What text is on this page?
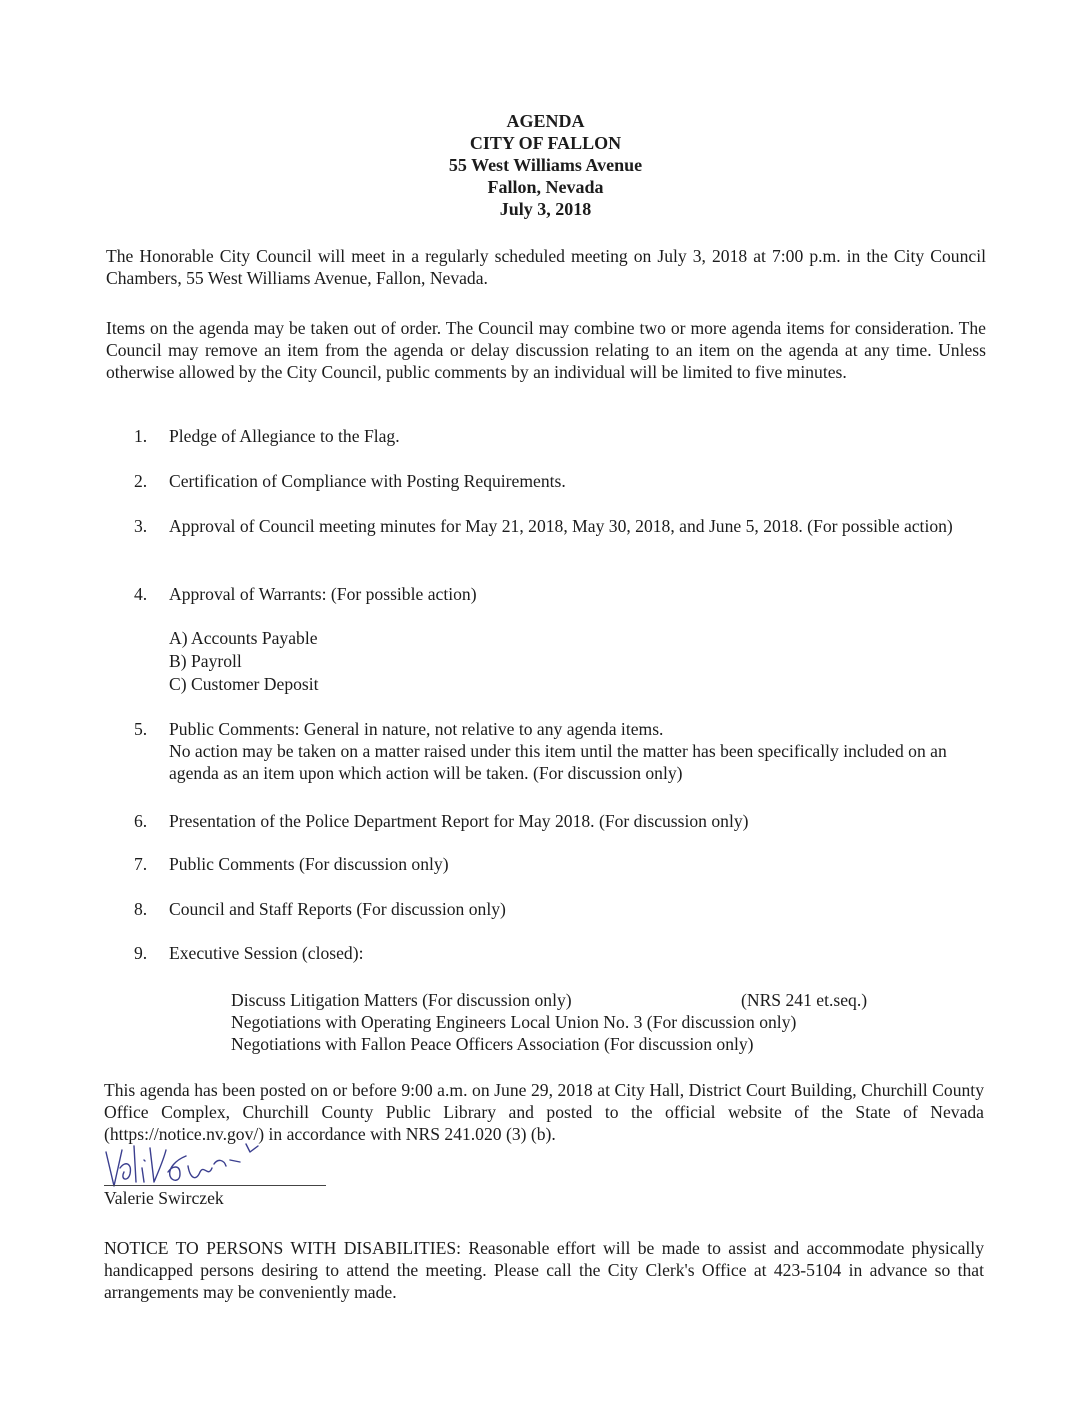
AGENDA
CITY OF FALLON
55 West Williams Avenue
Fallon, Nevada
July 3, 2018
The Honorable City Council will meet in a regularly scheduled meeting on July 3, 2018 at 7:00 p.m. in the City Council Chambers, 55 West Williams Avenue, Fallon, Nevada.
Items on the agenda may be taken out of order. The Council may combine two or more agenda items for consideration. The Council may remove an item from the agenda or delay discussion relating to an item on the agenda at any time. Unless otherwise allowed by the City Council, public comments by an individual will be limited to five minutes.
1.	Pledge of Allegiance to the Flag.
2.	Certification of Compliance with Posting Requirements.
3.	Approval of Council meeting minutes for May 21, 2018, May 30, 2018, and June 5, 2018. (For possible action)
4.	Approval of Warrants: (For possible action)
A) Accounts Payable
B) Payroll
C) Customer Deposit
5.	Public Comments: General in nature, not relative to any agenda items.
No action may be taken on a matter raised under this item until the matter has been specifically included on an agenda as an item upon which action will be taken. (For discussion only)
6.	Presentation of the Police Department Report for May 2018. (For discussion only)
7.	Public Comments (For discussion only)
8.	Council and Staff Reports (For discussion only)
9.	Executive Session (closed):
Discuss Litigation Matters (For discussion only)	(NRS 241 et.seq.)
Negotiations with Operating Engineers Local Union No. 3 (For discussion only)
Negotiations with Fallon Peace Officers Association (For discussion only)
This agenda has been posted on or before 9:00 a.m. on June 29, 2018 at City Hall, District Court Building, Churchill County Office Complex, Churchill County Public Library and posted to the official website of the State of Nevada (https://notice.nv.gov/) in accordance with NRS 241.020 (3) (b).
Valerie Swirczek
NOTICE TO PERSONS WITH DISABILITIES: Reasonable effort will be made to assist and accommodate physically handicapped persons desiring to attend the meeting. Please call the City Clerk's Office at 423-5104 in advance so that arrangements may be conveniently made.
